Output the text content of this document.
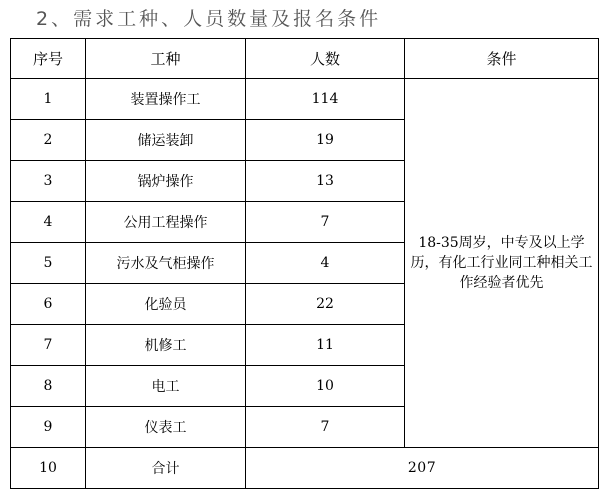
2、需求工种、人员数量及报名条件
序号	工种	人数	条件
1	装置操作工	114	18-35周岁，中专及以上学历，有化工行业同工种相关工作经验者优先
2	储运装卸	19	
3	锅炉操作	13	
4	公用工程操作	7	
5	污水及气柜操作	4	
6	化验员	22	
7	机修工	11	
8	电工	10	
9	仪表工	7	
10	合计	207	
